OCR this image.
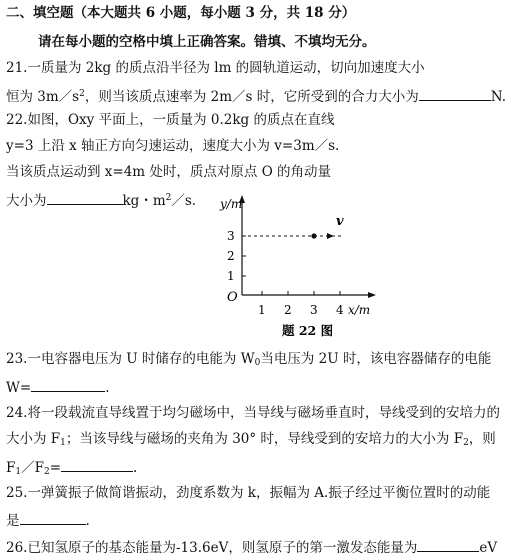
二、填空题（本大题共 6 小题，每小题 3 分，共 18 分）
请在每小题的空格中填上正确答案。错填、不填均无分。
21.一质量为 2kg 的质点沿半径为 lm 的圆轨道运动，切向加速度大小
恒为 $3m/s^2$，则当该质点速率为 2m／s 时，它所受到的合力大小为	N.
22.如图，Oxy 平面上，一质量为 0.2kg 的质点在直线
y=3 上沿 x 轴正方向匀速运动，速度大小为 v=3m／s.
当该质点运动到 x=4m 处时，质点对原点 O 的角动量
大小为	kg・$m^2/s$. y/m
3
2
1
O
1 2 3 4 x/m
v
题 22 图
23.一电容器电压为 U 时储存的电能为 $W_0$当电压为 2U 时，该电容器储存的电能
W=	.
24.将一段载流直导线置于均匀磁场中，当导线与磁场垂直时，导线受到的安培力的
大小为 $F_1$；当该导线与磁场的夹角为 30° 时，导线受到的安培力的大小为 $F_2$，则
$F_1/F_2=$	.
25.一弹簧振子做简谐振动，劲度系数为 k，振幅为 A.振子经过平衡位置时的动能
是	.
26.已知氢原子的基态能量为-13.6eV，则氢原子的第一激发态能量为	eV
